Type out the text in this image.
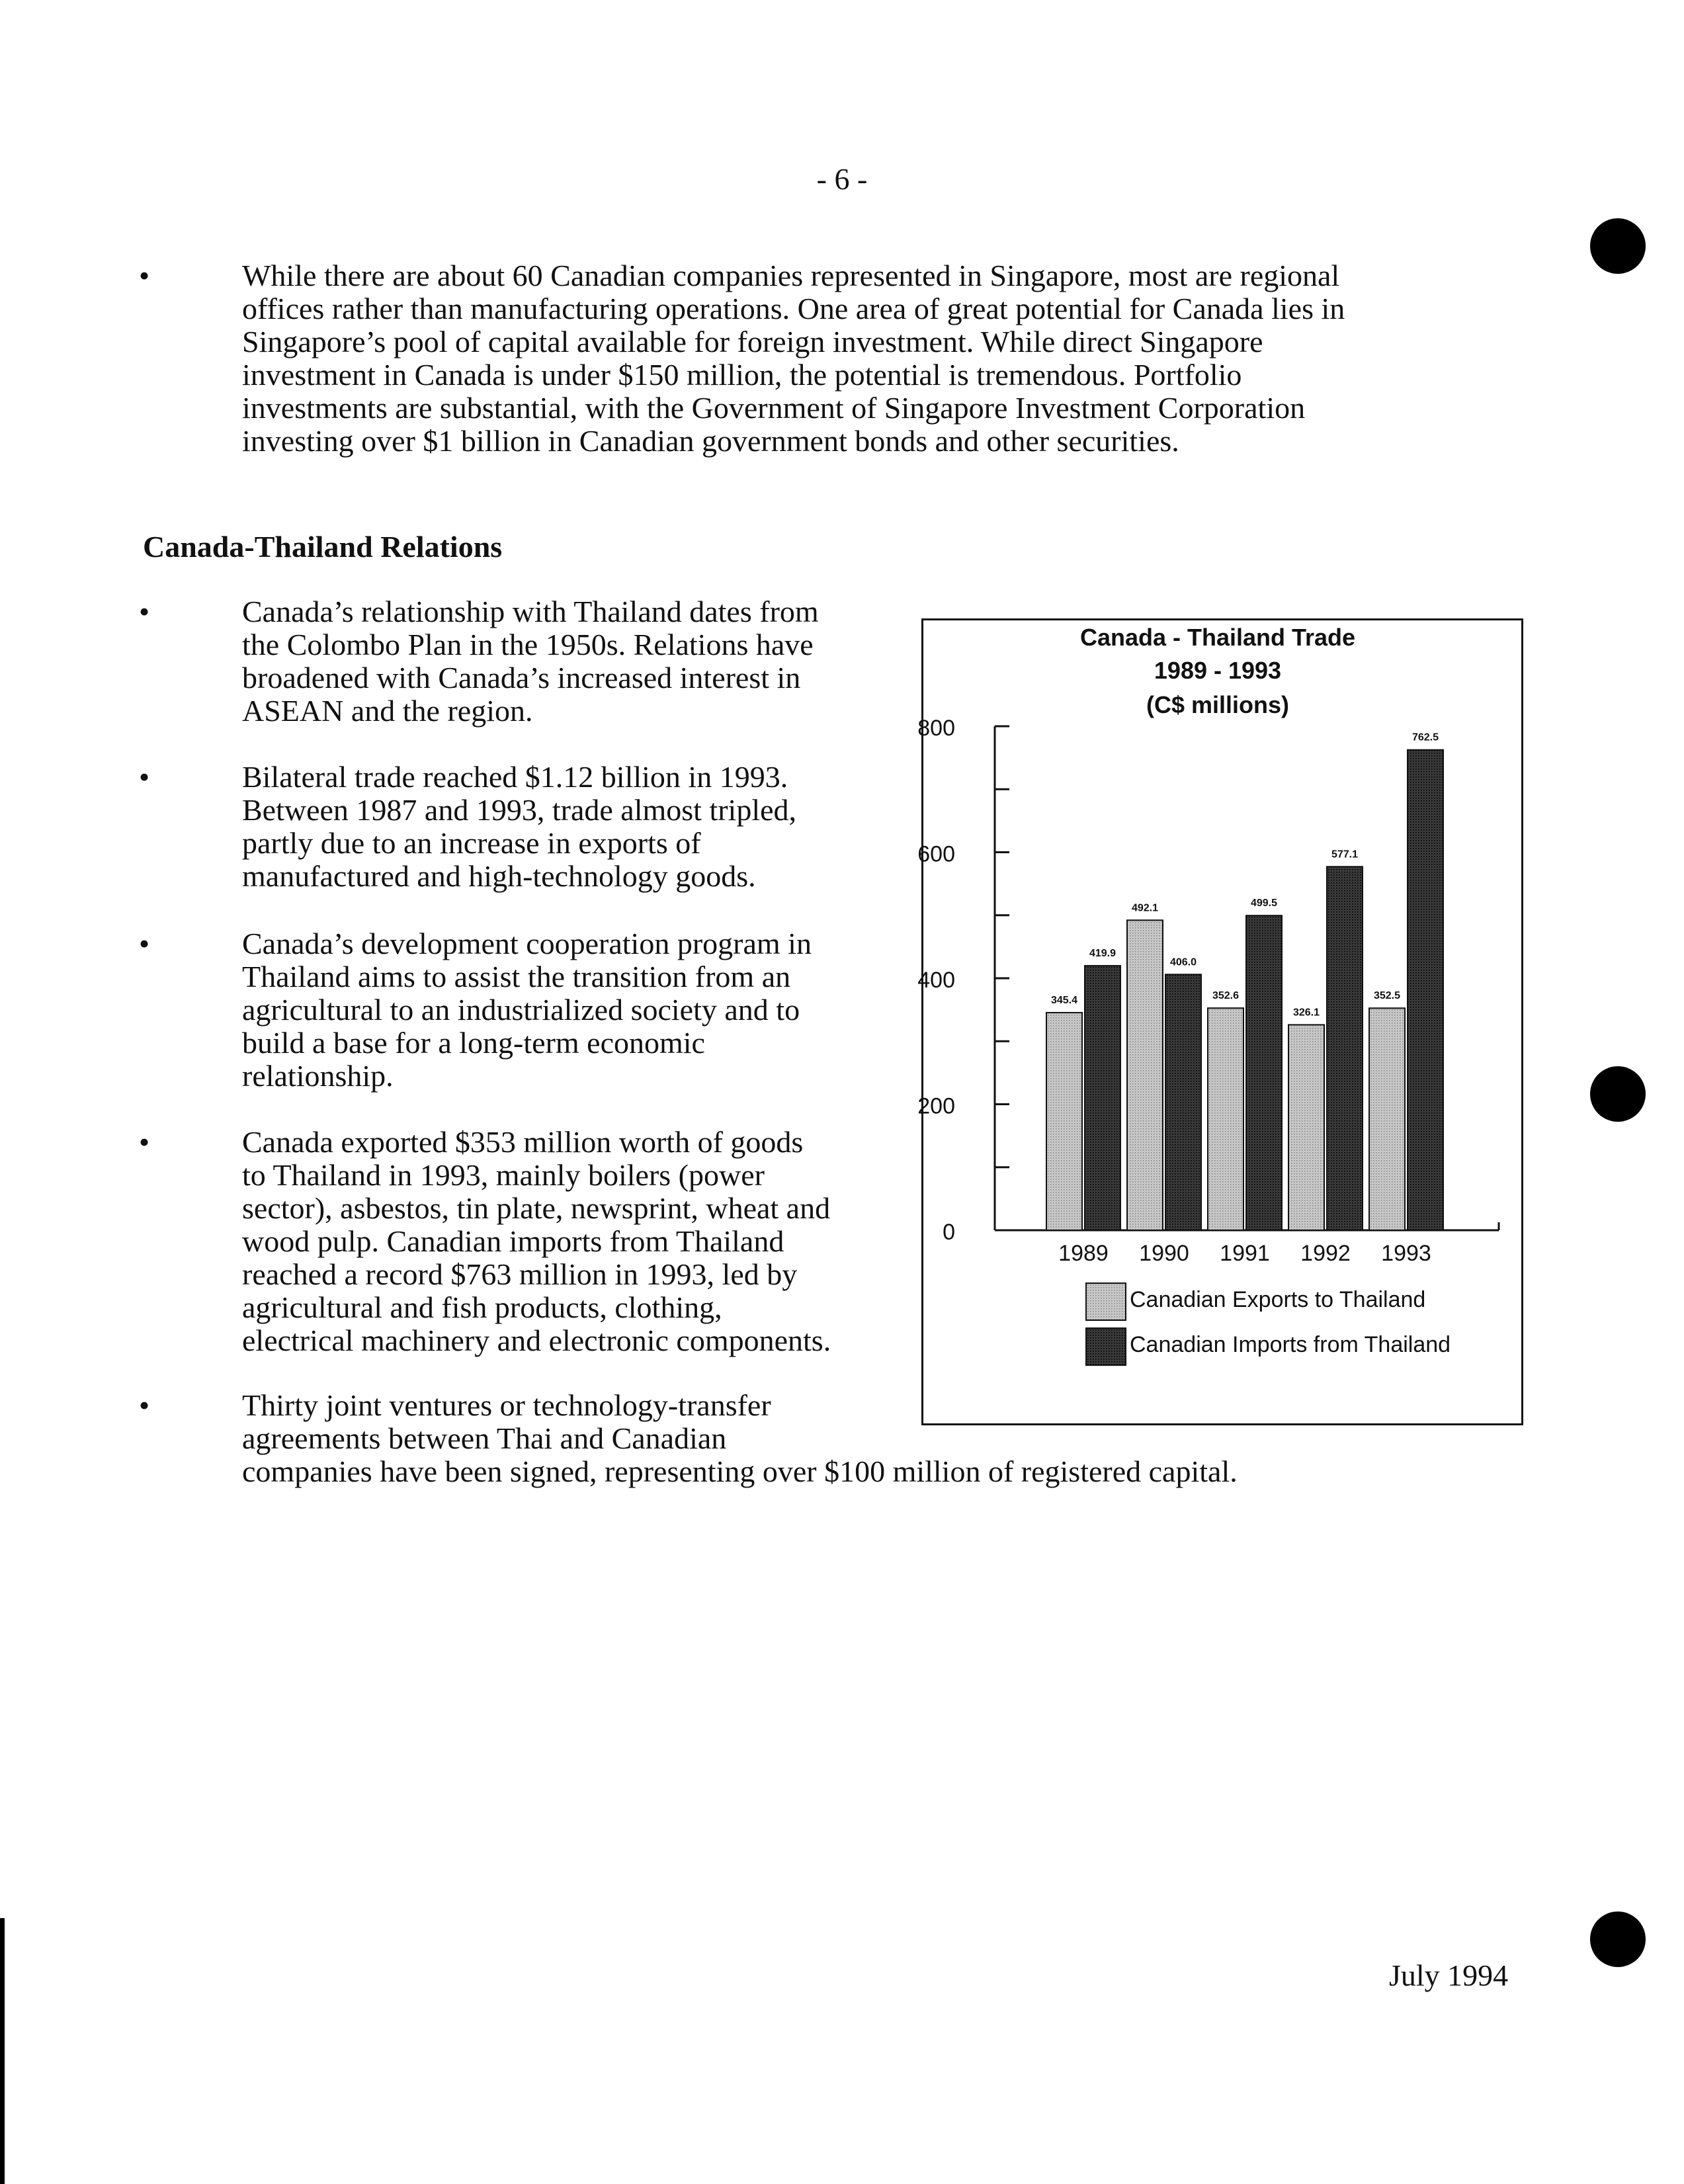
- 6 -
•	While there are about 60 Canadian companies represented in Singapore, most are regional
offices rather than manufacturing operations. One area of great potential for Canada lies in
Singapore’s pool of capital available for foreign investment. While direct Singapore
investment in Canada is under $150 million, the potential is tremendous. Portfolio
investments are substantial, with the Government of Singapore Investment Corporation
investing over $1 billion in Canadian government bonds and other securities.
Canada-Thailand Relations
•	Canada’s relationship with Thailand dates from
the Colombo Plan in the 1950s. Relations have
broadened with Canada’s increased interest in
ASEAN and the region.
•	Bilateral trade reached $1.12 billion in 1993.
Between 1987 and 1993, trade almost tripled,
partly due to an increase in exports of
manufactured and high-technology goods.
•	Canada’s development cooperation program in
Thailand aims to assist the transition from an
agricultural to an industrialized society and to
build a base for a long-term economic
relationship.
•	Canada exported $353 million worth of goods
to Thailand in 1993, mainly boilers (power
sector), asbestos, tin plate, newsprint, wheat and
wood pulp. Canadian imports from Thailand
reached a record $763 million in 1993, led by
agricultural and fish products, clothing,
electrical machinery and electronic components.
•	Thirty joint ventures or technology-transfer
agreements between Thai and Canadian
companies have been signed, representing over $100 million of registered capital.
Canada - Thailand Trade
1989 - 1993
(C$ millions)
0
200
400
600
800
345.4
419.9
1989
492.1
406.0
1990
352.6
499.5
1991
326.1
577.1
1992
352.5
762.5
1993
Canadian Exports to Thailand
Canadian Imports from Thailand
July 1994
